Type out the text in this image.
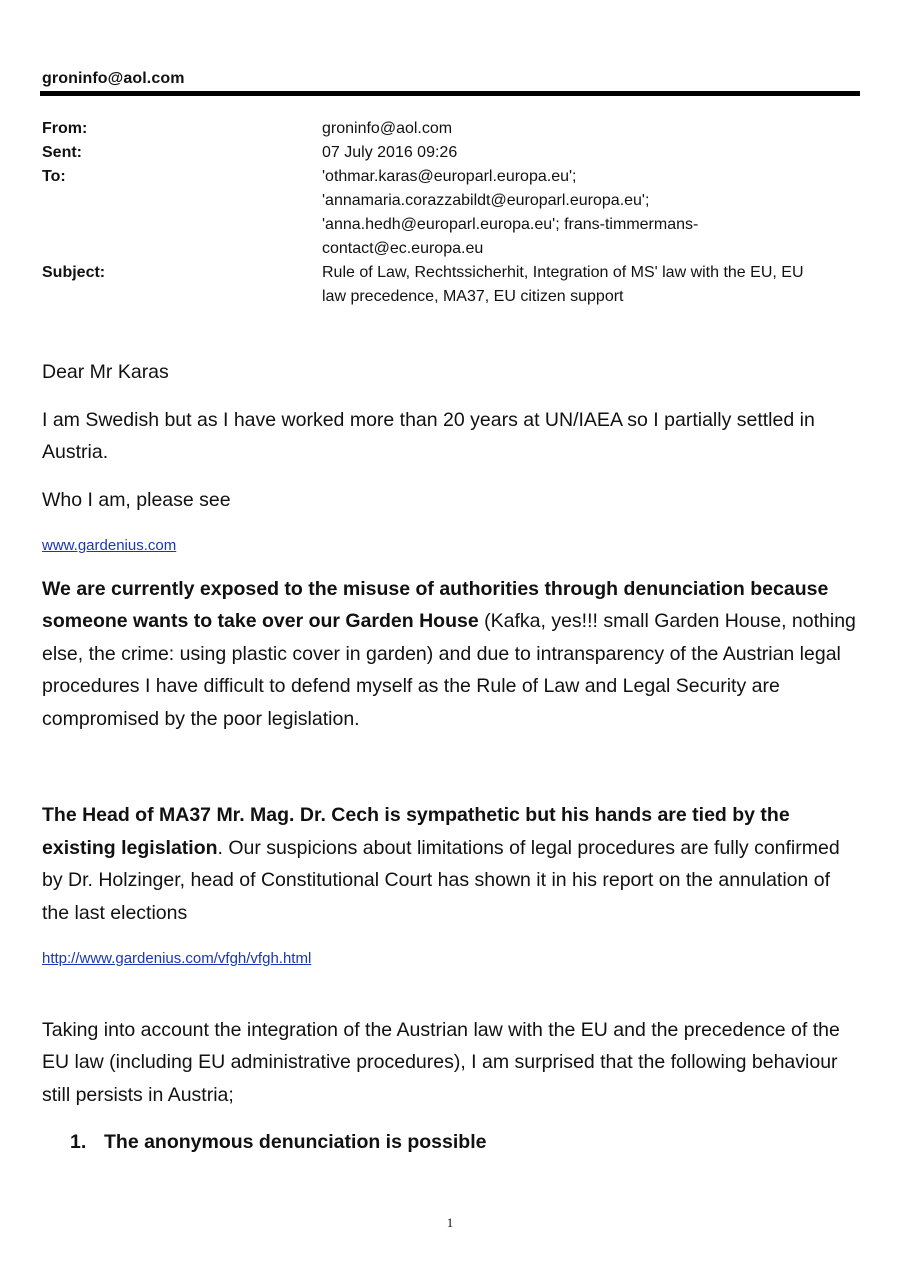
groninfo@aol.com
From:	groninfo@aol.com
Sent:	07 July 2016 09:26
To:	'othmar.karas@europarl.europa.eu';
'annamaria.corazzabildt@europarl.europa.eu';
'anna.hedh@europarl.europa.eu'; frans-timmermans-
contact@ec.europa.eu
Subject:	Rule of Law, Rechtssicherhit, Integration of MS' law with the EU, EU
law precedence, MA37, EU citizen support

Dear Mr Karas

I am Swedish but as I have worked more than 20 years at UN/IAEA so I partially settled in Austria.

Who I am, please see

www.gardenius.com

We are currently exposed to the misuse of authorities through denunciation because someone wants to take over our Garden House (Kafka, yes!!! small Garden House, nothing else, the crime: using plastic cover in garden) and due to intransparency of the Austrian legal procedures I have difficult to defend myself as the Rule of Law and Legal Security are compromised by the poor legislation.

The Head of MA37 Mr. Mag. Dr. Cech is sympathetic but his hands are tied by the existing legislation. Our suspicions about limitations of legal procedures are fully confirmed by Dr. Holzinger, head of Constitutional Court has shown it in his report on the annulation of the last elections

http://www.gardenius.com/vfgh/vfgh.html

Taking into account the integration of the Austrian law with the EU and the precedence of the EU law (including EU administrative procedures), I am surprised that the following behaviour still persists in Austria;

1. The anonymous denunciation is possible
1
